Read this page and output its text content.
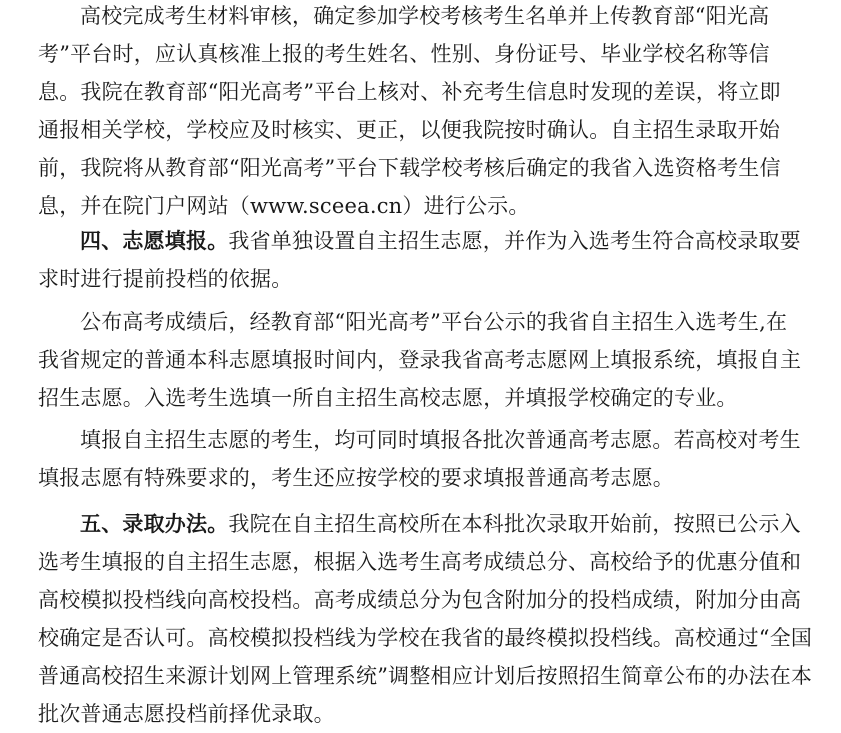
高校完成考生材料审核，确定参加学校考核考生名单并上传教育部“阳光高
考”平台时，应认真核准上报的考生姓名、性别、身份证号、毕业学校名称等信
息。我院在教育部“阳光高考”平台上核对、补充考生信息时发现的差误，将立即
通报相关学校，学校应及时核实、更正，以便我院按时确认。自主招生录取开始
前，我院将从教育部“阳光高考”平台下载学校考核后确定的我省入选资格考生信
息，并在院门户网站（www.sceea.cn）进行公示。
四、志愿填报。我省单独设置自主招生志愿，并作为入选考生符合高校录取要
求时进行提前投档的依据。
公布高考成绩后，经教育部“阳光高考”平台公示的我省自主招生入选考生,在
我省规定的普通本科志愿填报时间内，登录我省高考志愿网上填报系统，填报自主
招生志愿。入选考生选填一所自主招生高校志愿，并填报学校确定的专业。
填报自主招生志愿的考生，均可同时填报各批次普通高考志愿。若高校对考生
填报志愿有特殊要求的，考生还应按学校的要求填报普通高考志愿。
五、录取办法。我院在自主招生高校所在本科批次录取开始前，按照已公示入
选考生填报的自主招生志愿，根据入选考生高考成绩总分、高校给予的优惠分值和
高校模拟投档线向高校投档。高考成绩总分为包含附加分的投档成绩，附加分由高
校确定是否认可。高校模拟投档线为学校在我省的最终模拟投档线。高校通过“全国
普通高校招生来源计划网上管理系统”调整相应计划后按照招生简章公布的办法在本
批次普通志愿投档前择优录取。
